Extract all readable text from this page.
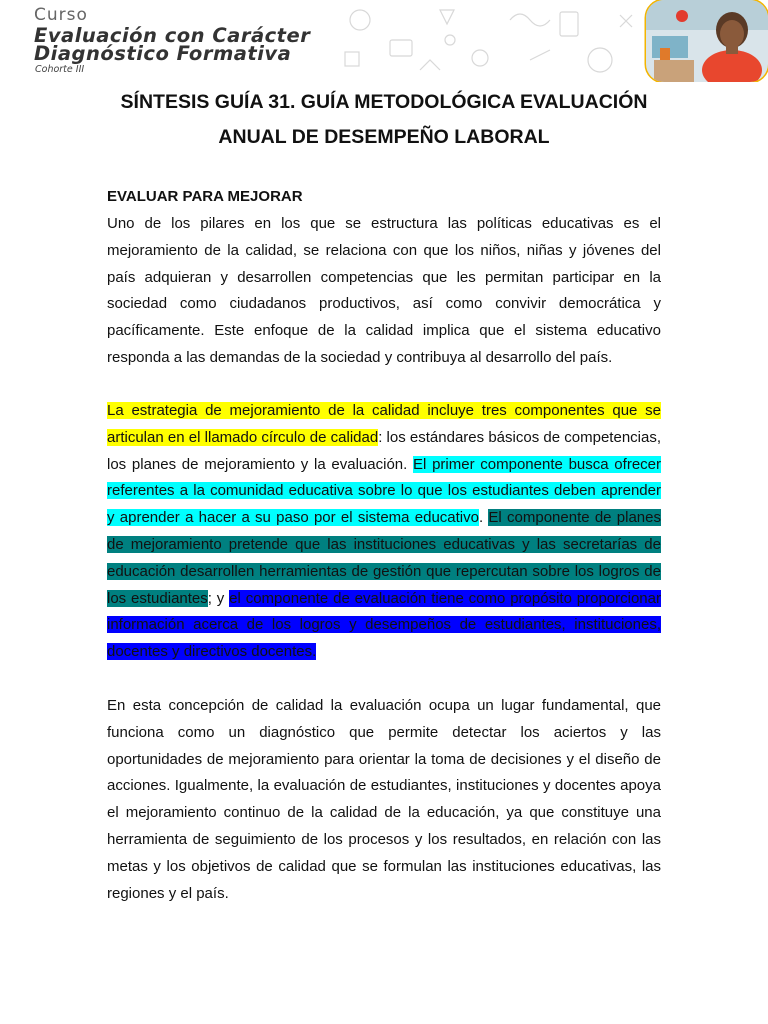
Curso
Evaluación con Carácter
Diagnóstico Formativa
Cohorte III
SÍNTESIS GUÍA 31. GUÍA METODOLÓGICA EVALUACIÓN
ANUAL DE DESEMPEÑO LABORAL
EVALUAR PARA MEJORAR
Uno de los pilares en los que se estructura las políticas educativas es el mejoramiento de la calidad, se relaciona con que los niños, niñas y jóvenes del país adquieran y desarrollen competencias que les permitan participar en la sociedad como ciudadanos productivos, así como convivir democrática y pacíficamente. Este enfoque de la calidad implica que el sistema educativo responda a las demandas de la sociedad y contribuya al desarrollo del país.
La estrategia de mejoramiento de la calidad incluye tres componentes que se articulan en el llamado círculo de calidad: los estándares básicos de competencias, los planes de mejoramiento y la evaluación. El primer componente busca ofrecer referentes a la comunidad educativa sobre lo que los estudiantes deben aprender y aprender a hacer a su paso por el sistema educativo. El componente de planes de mejoramiento pretende que las instituciones educativas y las secretarías de educación desarrollen herramientas de gestión que repercutan sobre los logros de los estudiantes; y el componente de evaluación tiene como propósito proporcionar información acerca de los logros y desempeños de estudiantes, instituciones, docentes y directivos docentes.
En esta concepción de calidad la evaluación ocupa un lugar fundamental, que funciona como un diagnóstico que permite detectar los aciertos y las oportunidades de mejoramiento para orientar la toma de decisiones y el diseño de acciones. Igualmente, la evaluación de estudiantes, instituciones y docentes apoya el mejoramiento continuo de la calidad de la educación, ya que constituye una herramienta de seguimiento de los procesos y los resultados, en relación con las metas y los objetivos de calidad que se formulan las instituciones educativas, las regiones y el país.
